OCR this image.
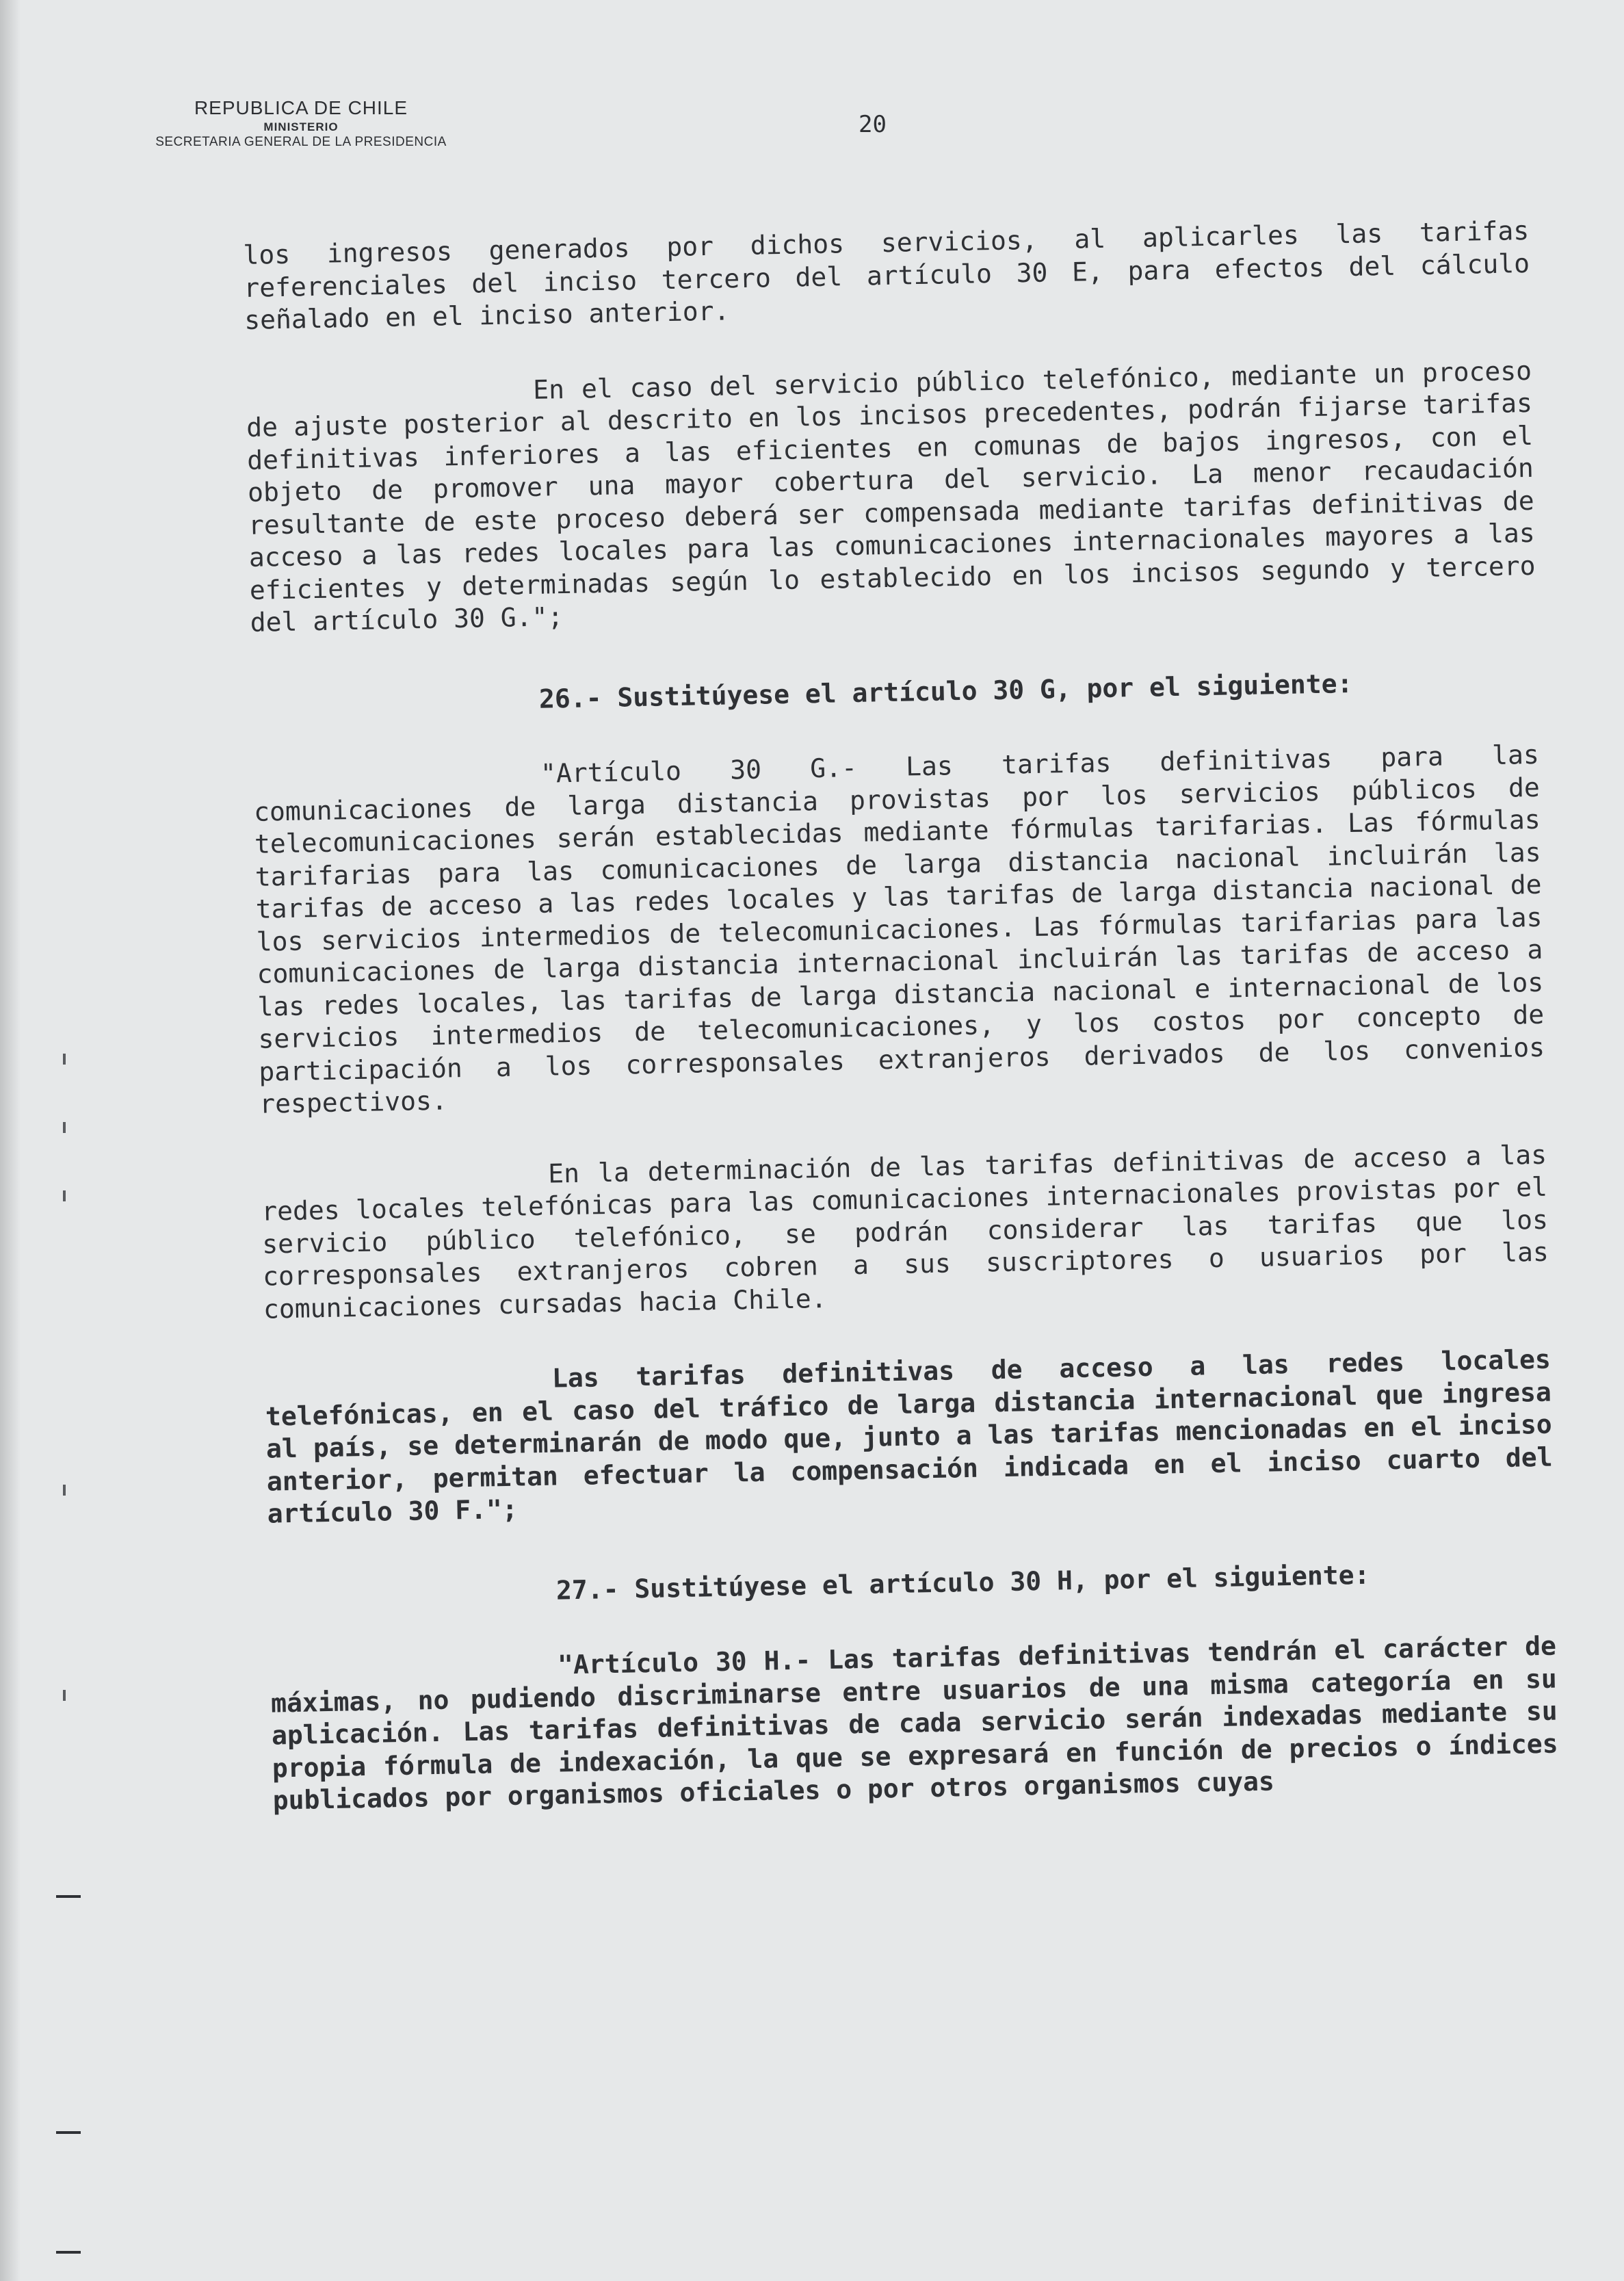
REPUBLICA DE CHILE
MINISTERIO
SECRETARIA GENERAL DE LA PRESIDENCIA
20

los ingresos generados por dichos servicios, al aplicarles las tarifas referenciales del inciso tercero del artículo 30 E, para efectos del cálculo señalado en el inciso anterior.

En el caso del servicio público telefónico, mediante un proceso de ajuste posterior al descrito en los incisos precedentes, podrán fijarse tarifas definitivas inferiores a las eficientes en comunas de bajos ingresos, con el objeto de promover una mayor cobertura del servicio. La menor recaudación resultante de este proceso deberá ser compensada mediante tarifas definitivas de acceso a las redes locales para las comunicaciones internacionales mayores a las eficientes y determinadas según lo establecido en los incisos segundo y tercero del artículo 30 G.";

26.- Sustitúyese el artículo 30 G, por el siguiente:

"Artículo 30 G.- Las tarifas definitivas para las comunicaciones de larga distancia provistas por los servicios públicos de telecomunicaciones serán establecidas mediante fórmulas tarifarias. Las fórmulas tarifarias para las comunicaciones de larga distancia nacional incluirán las tarifas de acceso a las redes locales y las tarifas de larga distancia nacional de los servicios intermedios de telecomunicaciones. Las fórmulas tarifarias para las comunicaciones de larga distancia internacional incluirán las tarifas de acceso a las redes locales, las tarifas de larga distancia nacional e internacional de los servicios intermedios de telecomunicaciones, y los costos por concepto de participación a los corresponsales extranjeros derivados de los convenios respectivos.

En la determinación de las tarifas definitivas de acceso a las redes locales telefónicas para las comunicaciones internacionales provistas por el servicio público telefónico, se podrán considerar las tarifas que los corresponsales extranjeros cobren a sus suscriptores o usuarios por las comunicaciones cursadas hacia Chile.

Las tarifas definitivas de acceso a las redes locales telefónicas, en el caso del tráfico de larga distancia internacional que ingresa al país, se determinarán de modo que, junto a las tarifas mencionadas en el inciso anterior, permitan efectuar la compensación indicada en el inciso cuarto del artículo 30 F.";

27.- Sustitúyese el artículo 30 H, por el siguiente:

"Artículo 30 H.- Las tarifas definitivas tendrán el carácter de máximas, no pudiendo discriminarse entre usuarios de una misma categoría en su aplicación. Las tarifas definitivas de cada servicio serán indexadas mediante su propia fórmula de indexación, la que se expresará en función de precios o índices publicados por organismos oficiales o por otros organismos cuyas
